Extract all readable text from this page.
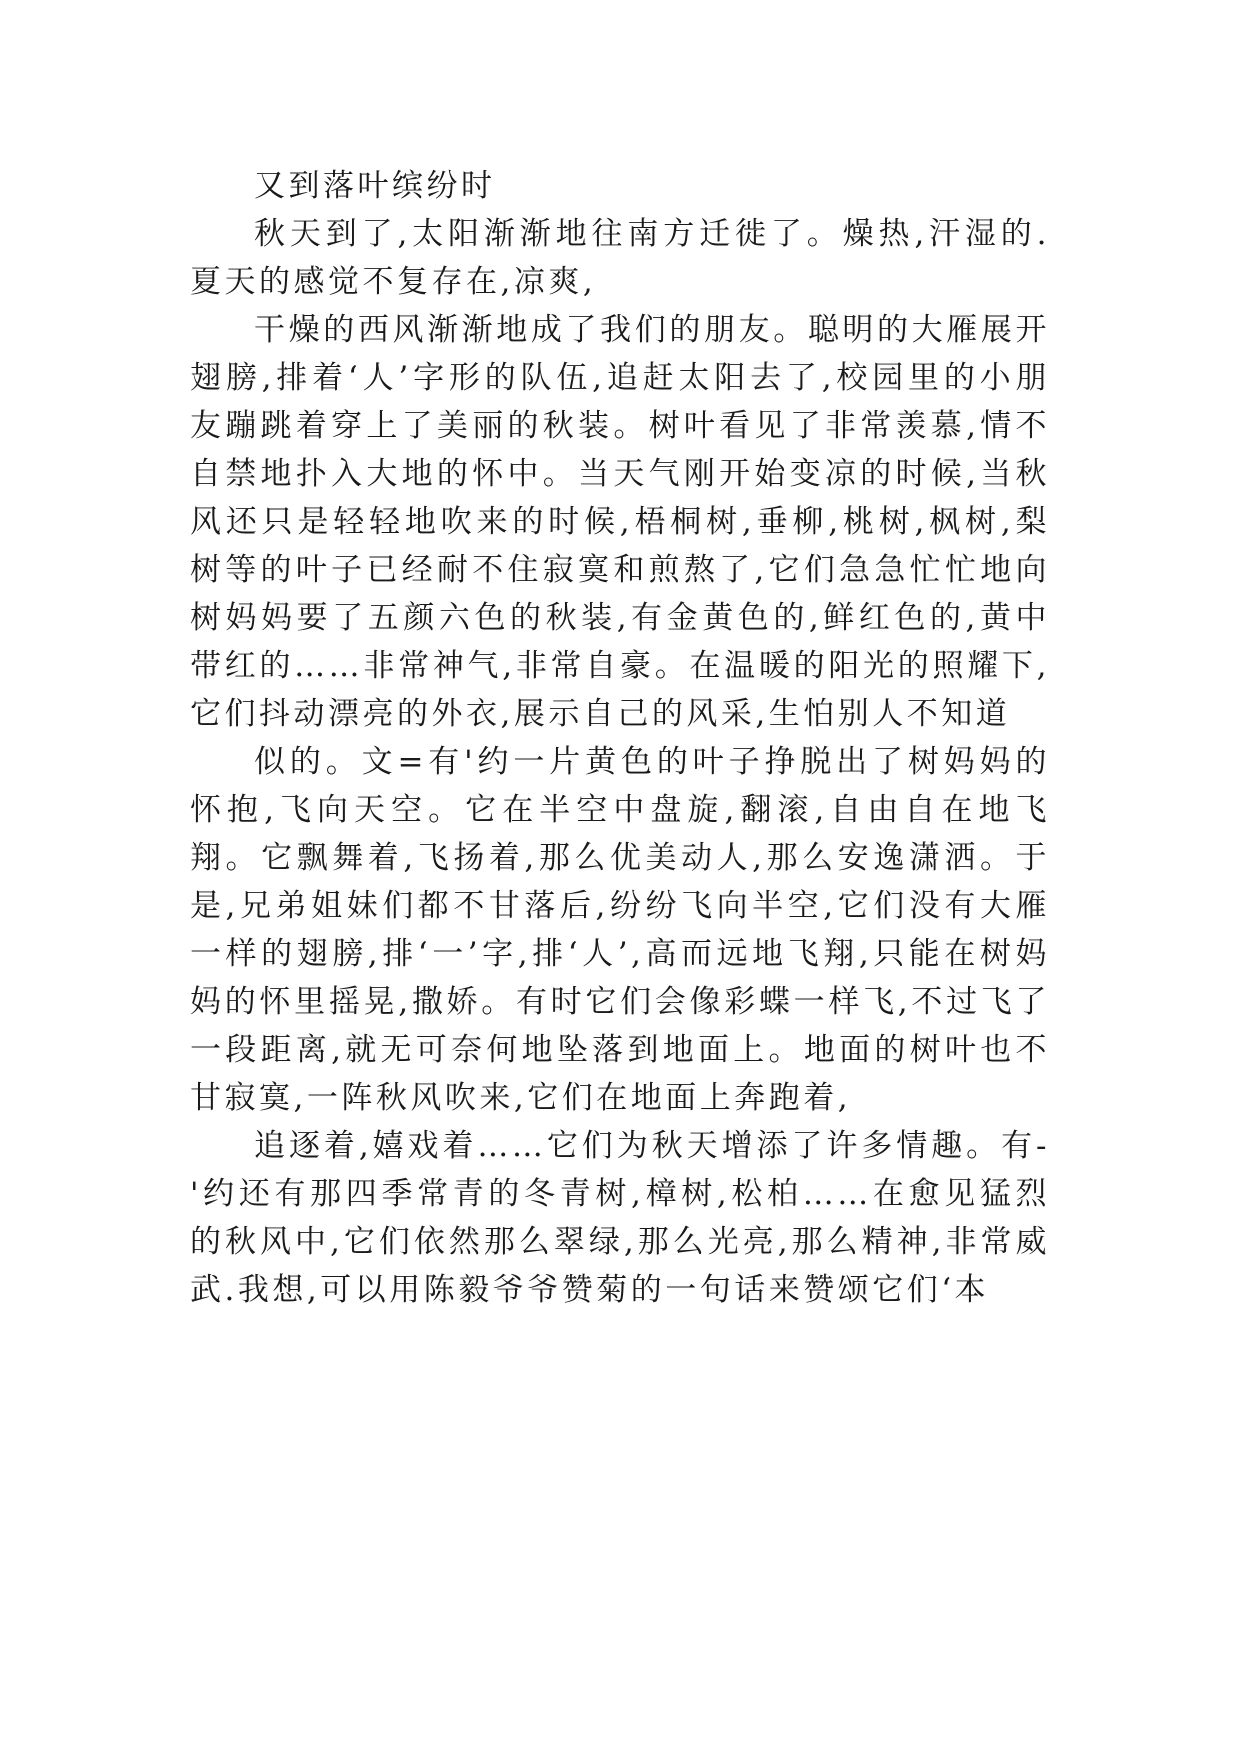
又到落叶缤纷时

秋天到了,太阳渐渐地往南方迁徙了。燥热,汗湿的.夏天的感觉不复存在,凉爽,

干燥的西风渐渐地成了我们的朋友。聪明的大雁展开翅膀,排着‘人’字形的队伍,追赶太阳去了,校园里的小朋友蹦跳着穿上了美丽的秋装。树叶看见了非常羡慕,情不自禁地扑入大地的怀中。当天气刚开始变凉的时候,当秋风还只是轻轻地吹来的时候,梧桐树,垂柳,桃树,枫树,梨树等的叶子已经耐不住寂寞和煎熬了,它们急急忙忙地向树妈妈要了五颜六色的秋装,有金黄色的,鲜红色的,黄中带红的……非常神气,非常自豪。在温暖的阳光的照耀下,它们抖动漂亮的外衣,展示自己的风采,生怕别人不知道

似的。文=有'约一片黄色的叶子挣脱出了树妈妈的怀抱,飞向天空。它在半空中盘旋,翻滚,自由自在地飞翔。它飘舞着,飞扬着,那么优美动人,那么安逸潇洒。于是,兄弟姐妹们都不甘落后,纷纷飞向半空,它们没有大雁一样的翅膀,排‘一’字,排‘人’,高而远地飞翔,只能在树妈妈的怀里摇晃,撒娇。有时它们会像彩蝶一样飞,不过飞了一段距离,就无可奈何地坠落到地面上。地面的树叶也不甘寂寞,一阵秋风吹来,它们在地面上奔跑着,

追逐着,嬉戏着……它们为秋天增添了许多情趣。有-'约还有那四季常青的冬青树,樟树,松柏……在愈见猛烈的秋风中,它们依然那么翠绿,那么光亮,那么精神,非常威武.我想,可以用陈毅爷爷赞菊的一句话来赞颂它们‘本
